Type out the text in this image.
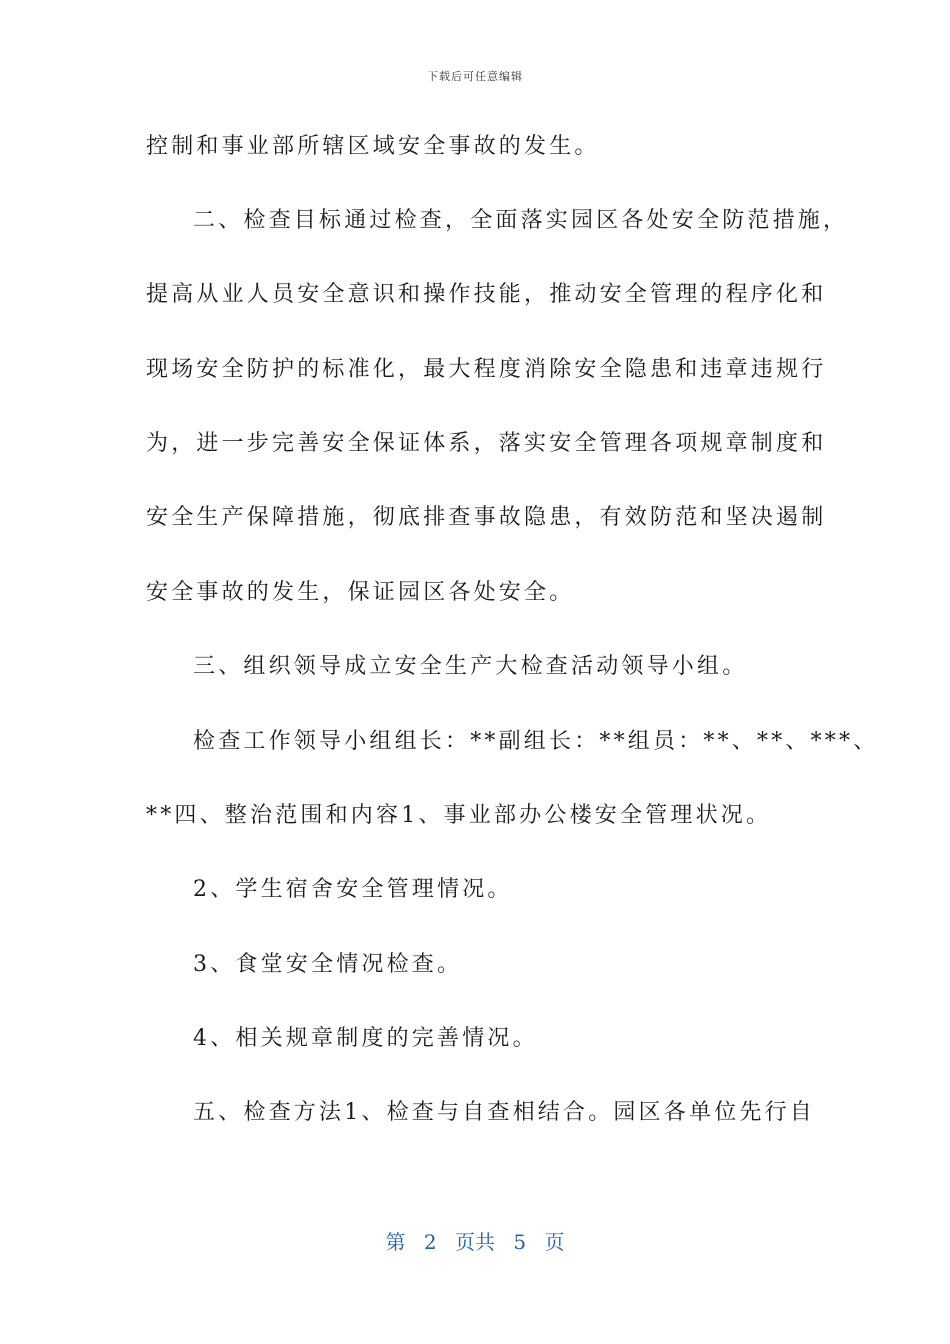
下载后可任意编辑
控制和事业部所辖区域安全事故的发生。
二、检查目标通过检查，全面落实园区各处安全防范措施，
提高从业人员安全意识和操作技能，推动安全管理的程序化和
现场安全防护的标准化，最大程度消除安全隐患和违章违规行
为，进一步完善安全保证体系，落实安全管理各项规章制度和
安全生产保障措施，彻底排查事故隐患，有效防范和坚决遏制
安全事故的发生，保证园区各处安全。
三、组织领导成立安全生产大检查活动领导小组。
检查工作领导小组组长：**副组长：**组员：**、**、***、
**四、整治范围和内容1、事业部办公楼安全管理状况。
2、学生宿舍安全管理情况。
3、食堂安全情况检查。
4、相关规章制度的完善情况。
五、检查方法1、检查与自查相结合。园区各单位先行自
第 2 页共 5 页
